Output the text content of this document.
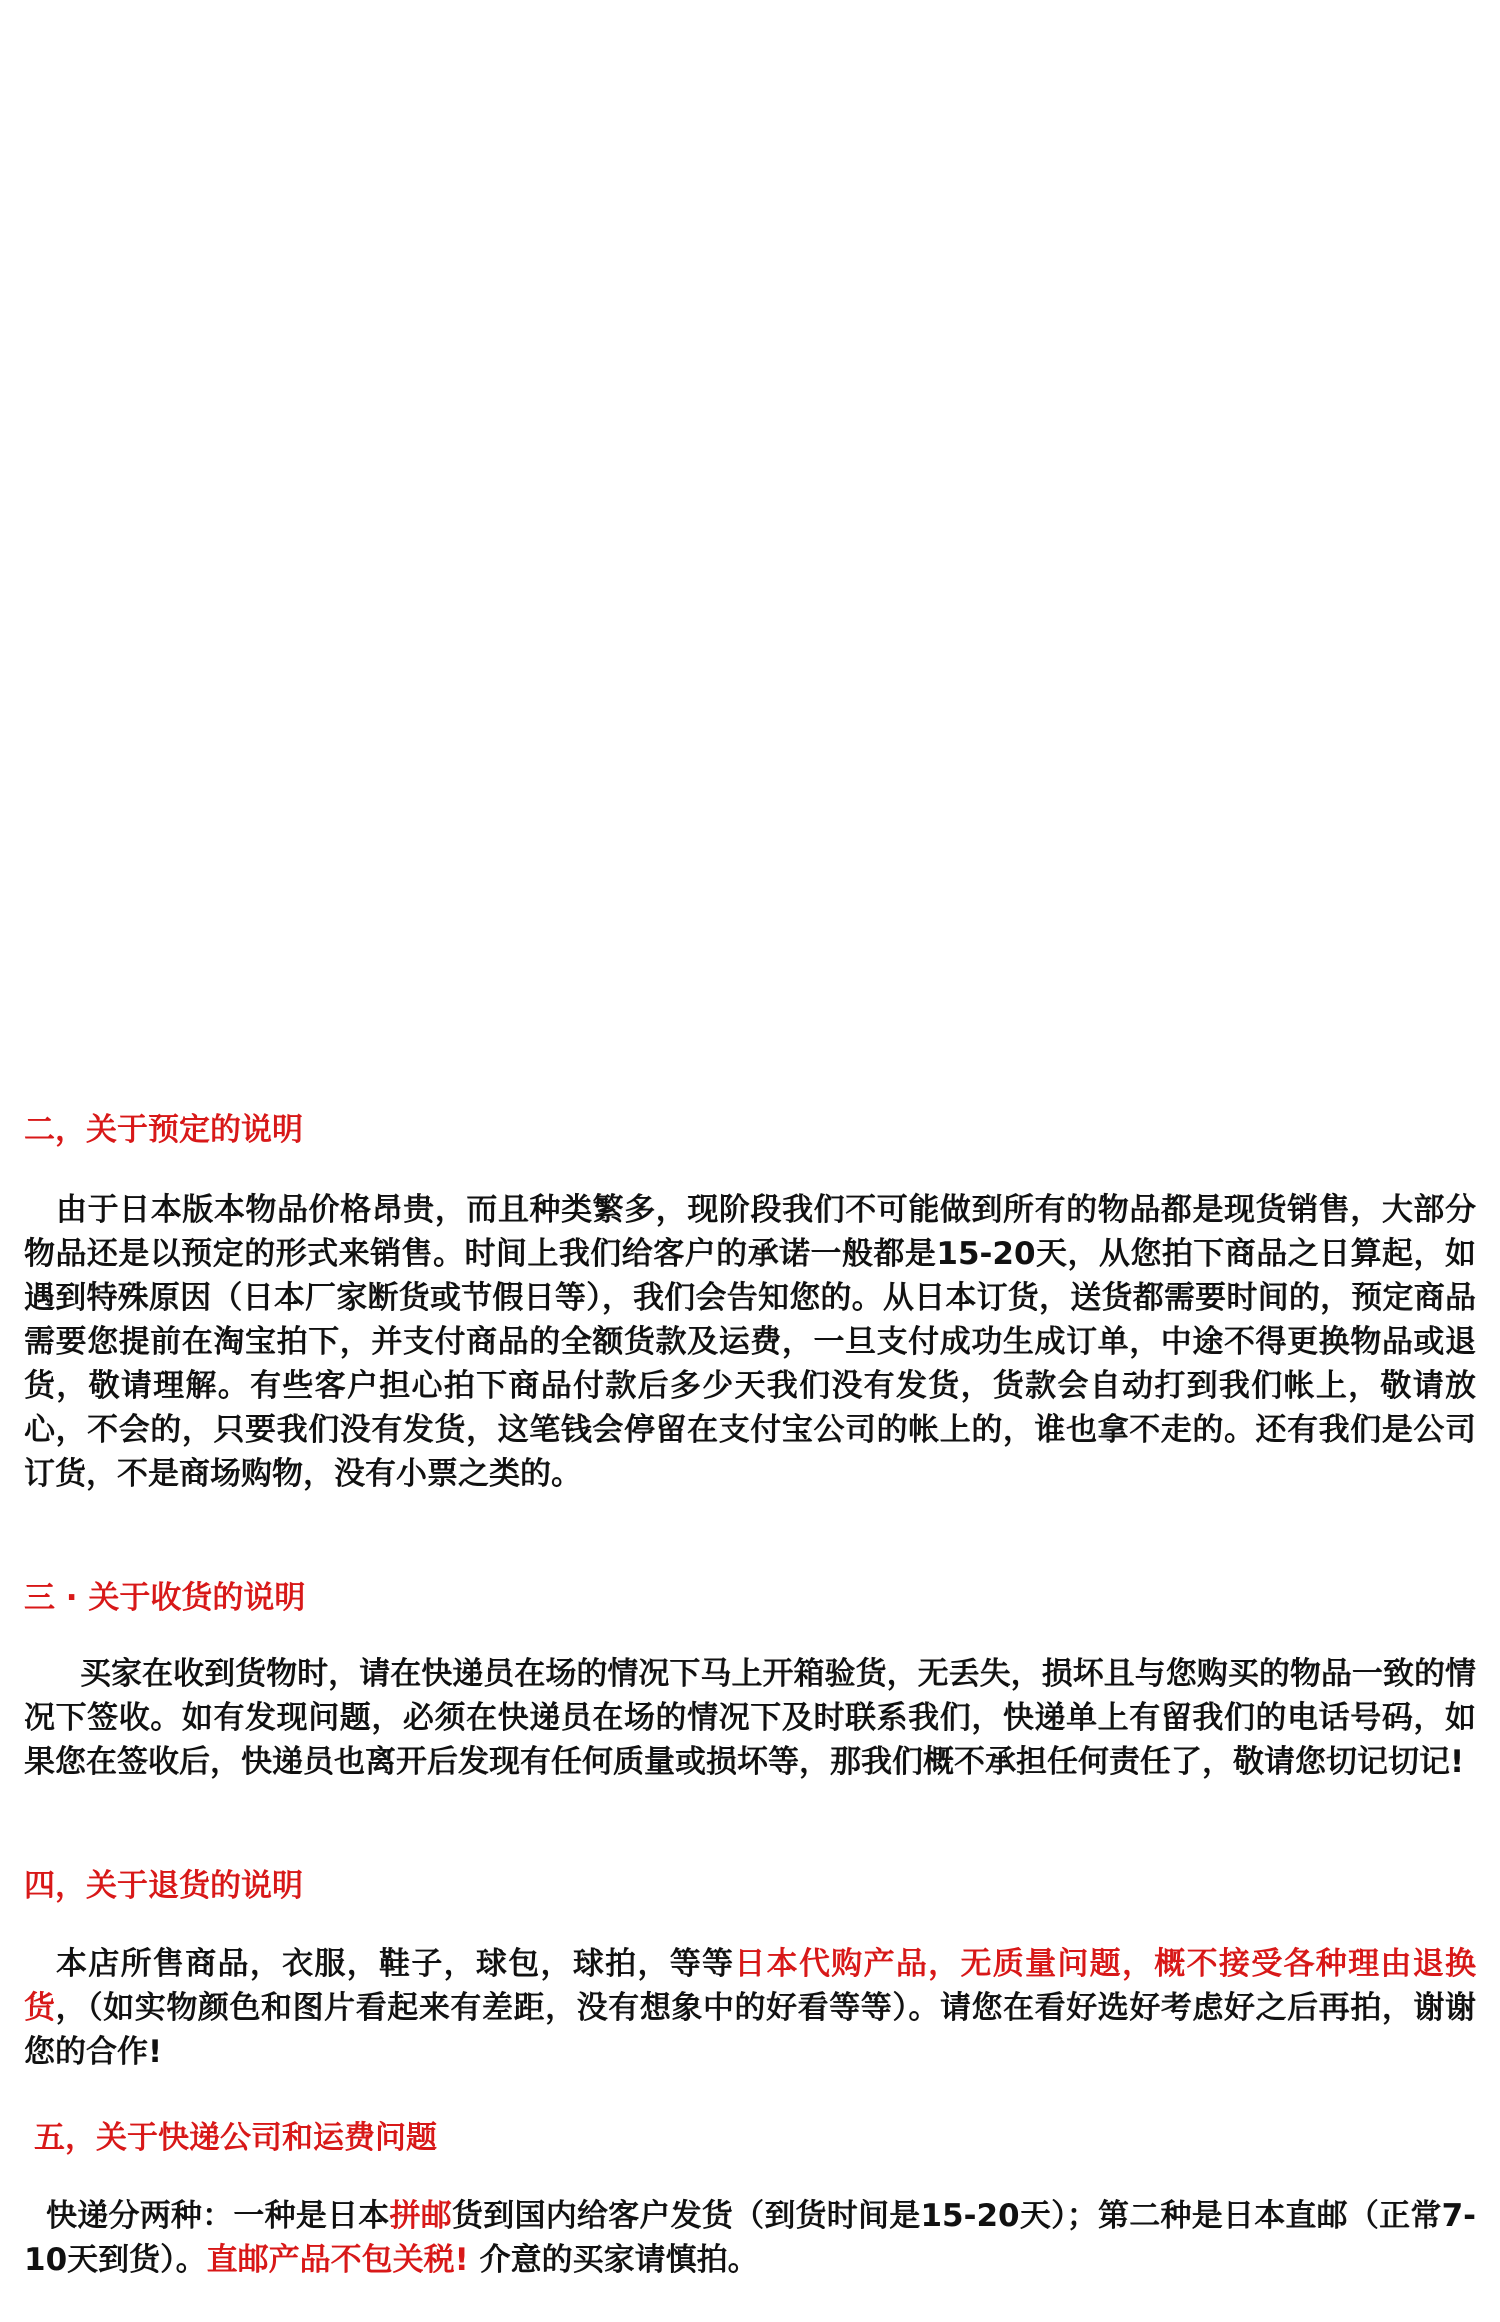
二，关于预定的说明
由于日本版本物品价格昂贵，而且种类繁多，现阶段我们不可能做到所有的物品都是现货销售，大部分物品还是以预定的形式来销售。时间上我们给客户的承诺一般都是15-20天，从您拍下商品之日算起，如遇到特殊原因（日本厂家断货或节假日等），我们会告知您的。从日本订货，送货都需要时间的，预定商品需要您提前在淘宝拍下，并支付商品的全额货款及运费，一旦支付成功生成订单，中途不得更换物品或退货，敬请理解。有些客户担心拍下商品付款后多少天我们没有发货，货款会自动打到我们帐上，敬请放心，不会的，只要我们没有发货，这笔钱会停留在支付宝公司的帐上的，谁也拿不走的。还有我们是公司订货，不是商场购物，没有小票之类的。
三 · 关于收货的说明
买家在收到货物时，请在快递员在场的情况下马上开箱验货，无丢失，损坏且与您购买的物品一致的情况下签收。如有发现问题，必须在快递员在场的情况下及时联系我们，快递单上有留我们的电话号码，如果您在签收后，快递员也离开后发现有任何质量或损坏等，那我们概不承担任何责任了，敬请您切记切记!
四，关于退货的说明
本店所售商品，衣服，鞋子，球包，球拍，等等日本代购产品，无质量问题，概不接受各种理由退换货，（如实物颜色和图片看起来有差距，没有想象中的好看等等）。请您在看好选好考虑好之后再拍，谢谢您的合作!
五，关于快递公司和运费问题
快递分两种：一种是日本拼邮货到国内给客户发货（到货时间是15-20天）；第二种是日本直邮（正常7-10天到货）。直邮产品不包关税! 介意的买家请慎拍。
